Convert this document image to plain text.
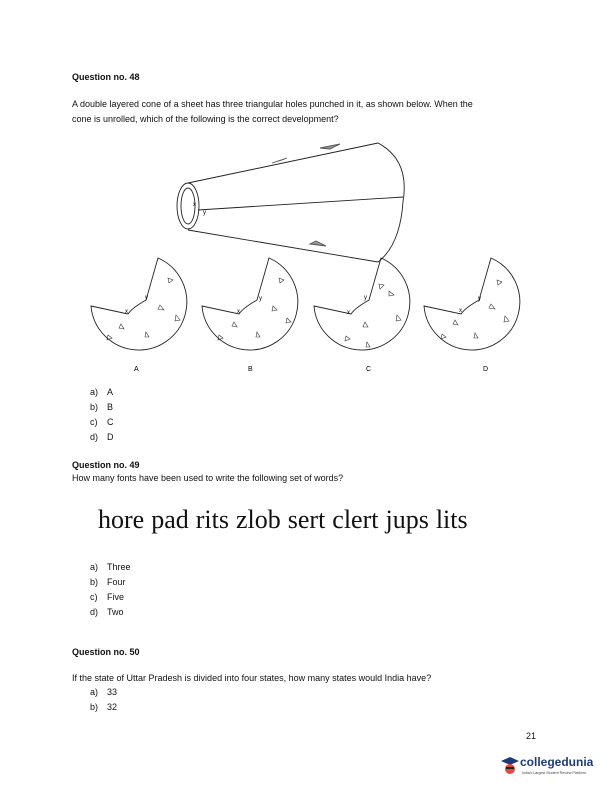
Question no. 48
A double layered cone of a sheet has three triangular holes punched in it, as shown below. When the
cone is unrolled, which of the following is the correct development?
x
y
y
x
y
x
y
x
y
x
A	B	C	D
a) A
b) B
c) C
d) D
Question no. 49
How many fonts have been used to write the following set of words?
hore pad rits zlob sert clert jups lits
a) Three
b) Four
c) Five
d) Two
Question no. 50
If the state of Uttar Pradesh is divided into four states, how many states would India have?
a) 33
b) 32
21
collegedunia
India's Largest Student Review Platform
